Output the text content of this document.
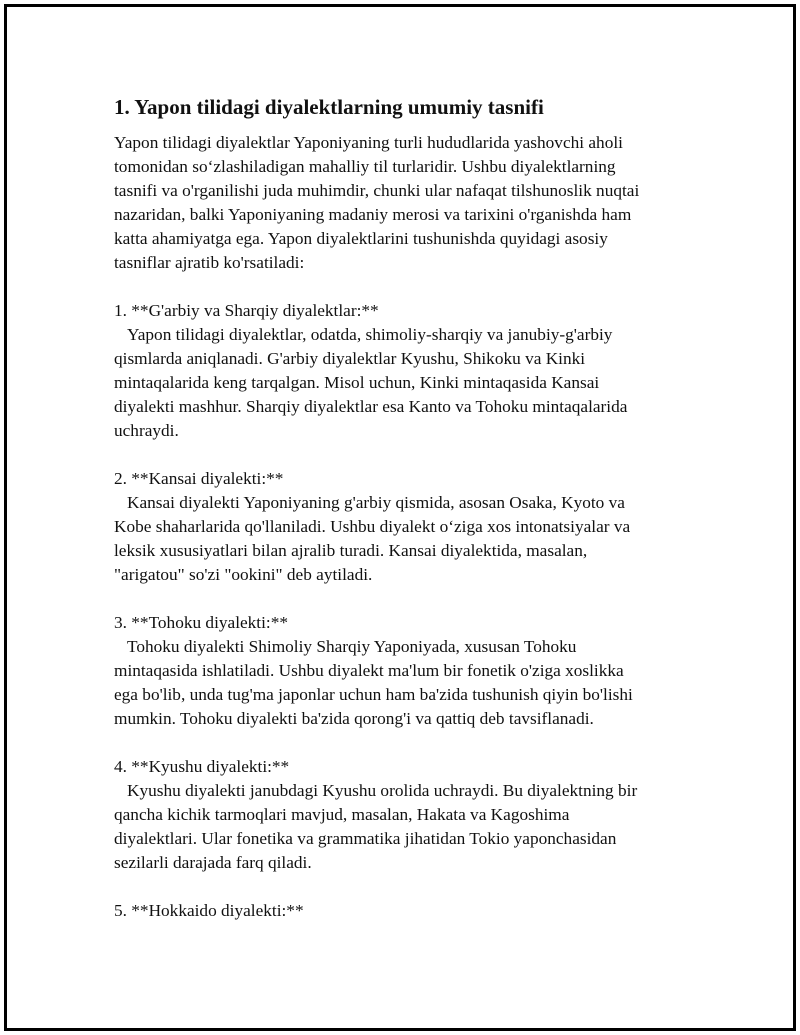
1. Yapon tilidagi diyalektlarning umumiy tasnifi

Yapon tilidagi diyalektlar Yaponiyaning turli hududlarida yashovchi aholi
tomonidan so‘zlashiladigan mahalliy til turlaridir. Ushbu diyalektlarning
tasnifi va o'rganilishi juda muhimdir, chunki ular nafaqat tilshunoslik nuqtai
nazaridan, balki Yaponiyaning madaniy merosi va tarixini o'rganishda ham
katta ahamiyatga ega. Yapon diyalektlarini tushunishda quyidagi asosiy
tasniflar ajratib ko'rsatiladi:

1. **G'arbiy va Sharqiy diyalektlar:**

Yapon tilidagi diyalektlar, odatda, shimoliy-sharqiy va janubiy-g'arbiy
qismlarda aniqlanadi. G'arbiy diyalektlar Kyushu, Shikoku va Kinki
mintaqalarida keng tarqalgan. Misol uchun, Kinki mintaqasida Kansai
diyalekti mashhur. Sharqiy diyalektlar esa Kanto va Tohoku mintaqalarida
uchraydi.

2. **Kansai diyalekti:**

Kansai diyalekti Yaponiyaning g'arbiy qismida, asosan Osaka, Kyoto va
Kobe shaharlarida qo'llaniladi. Ushbu diyalekt o‘ziga xos intonatsiyalar va
leksik xususiyatlari bilan ajralib turadi. Kansai diyalektida, masalan,
"arigatou" so'zi "ookini" deb aytiladi.

3. **Tohoku diyalekti:**

Tohoku diyalekti Shimoliy Sharqiy Yaponiyada, xususan Tohoku
mintaqasida ishlatiladi. Ushbu diyalekt ma'lum bir fonetik o'ziga xoslikka
ega bo'lib, unda tug'ma japonlar uchun ham ba'zida tushunish qiyin bo'lishi
mumkin. Tohoku diyalekti ba'zida qorong'i va qattiq deb tavsiflanadi.

4. **Kyushu diyalekti:**

Kyushu diyalekti janubdagi Kyushu orolida uchraydi. Bu diyalektning bir
qancha kichik tarmoqlari mavjud, masalan, Hakata va Kagoshima
diyalektlari. Ular fonetika va grammatika jihatidan Tokio yaponchasidan
sezilarli darajada farq qiladi.

5. **Hokkaido diyalekti:**
